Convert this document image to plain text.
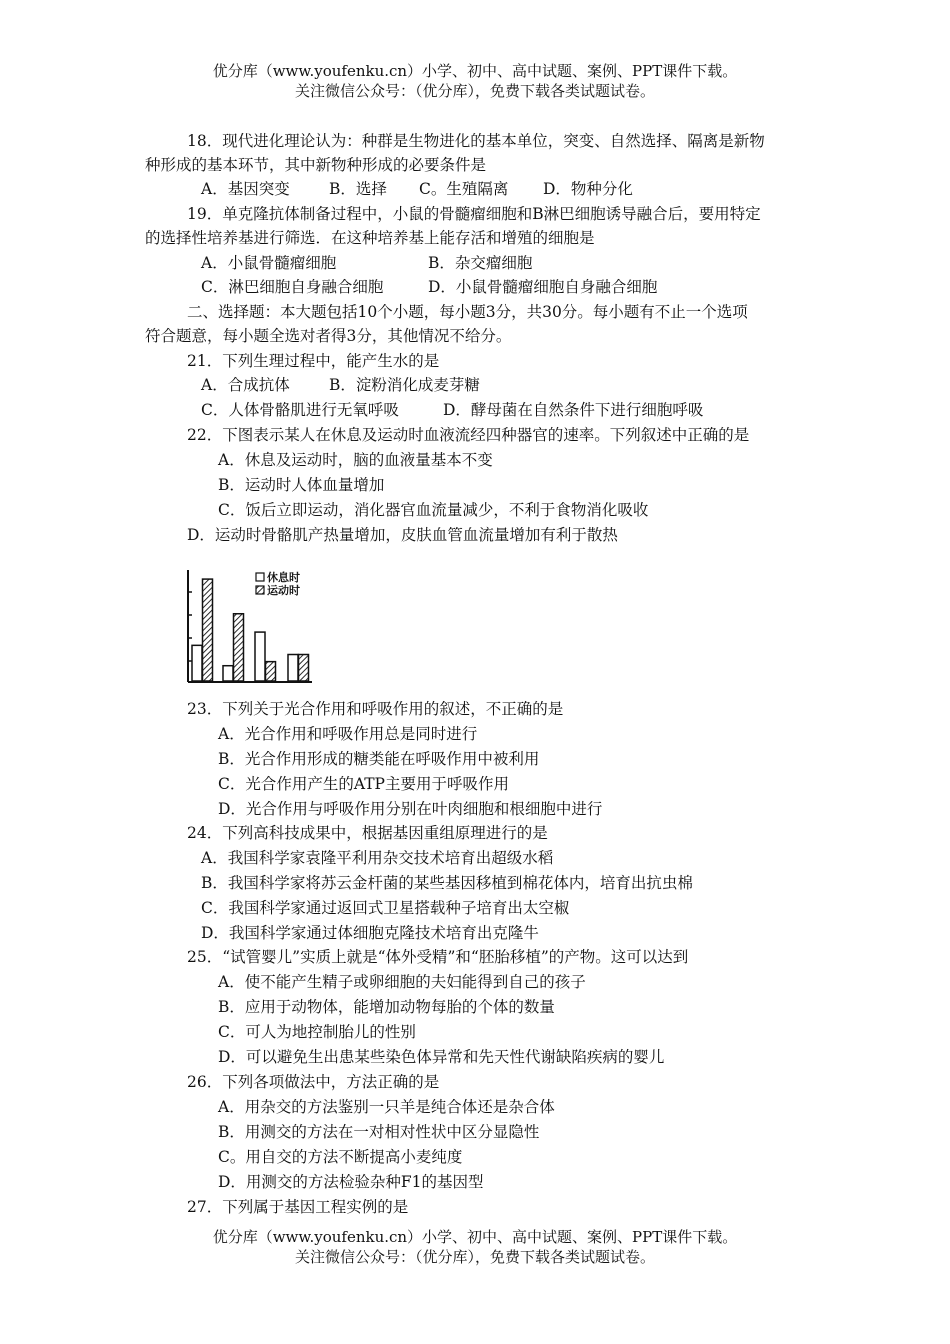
优分库（www.youfenku.cn）小学、初中、高中试题、案例、PPT课件下载。
关注微信公众号：（优分库），免费下载各类试题试卷。
18．现代进化理论认为：种群是生物进化的基本单位，突变、自然选择、隔离是新物
种形成的基本环节，其中新物种形成的必要条件是
A．基因突变	B．选择 C。生殖隔离 D．物种分化
19．单克隆抗体制备过程中，小鼠的骨髓瘤细胞和B淋巴细胞诱导融合后，要用特定
的选择性培养基进行筛选．在这种培养基上能存活和增殖的细胞是
A．小鼠骨髓瘤细胞	B．杂交瘤细胞
C．淋巴细胞自身融合细胞	D．小鼠骨髓瘤细胞自身融合细胞
二、选择题：本大题包括10个小题，每小题3分，共30分。每小题有不止一个选项
符合题意，每小题全选对者得3分，其他情况不给分。
21．下列生理过程中，能产生水的是
A．合成抗体	B．淀粉消化成麦芽糖
C．人体骨骼肌进行无氧呼吸	D．酵母菌在自然条件下进行细胞呼吸
22．下图表示某人在休息及运动时血液流经四种器官的速率。下列叙述中正确的是
A．休息及运动时，脑的血液量基本不变
B．运动时人体血量增加
C．饭后立即运动，消化器官血流量减少，不利于食物消化吸收
D．运动时骨骼肌产热量增加，皮肤血管血流量增加有利于散热
休息时
运动时
23．下列关于光合作用和呼吸作用的叙述，不正确的是
A．光合作用和呼吸作用总是同时进行
B．光合作用形成的糖类能在呼吸作用中被利用
C．光合作用产生的ATP主要用于呼吸作用
D．光合作用与呼吸作用分别在叶肉细胞和根细胞中进行
24．下列高科技成果中，根据基因重组原理进行的是
A．我国科学家袁隆平利用杂交技术培育出超级水稻
B．我国科学家将苏云金杆菌的某些基因移植到棉花体内，培育出抗虫棉
C．我国科学家通过返回式卫星搭载种子培育出太空椒
D．我国科学家通过体细胞克隆技术培育出克隆牛
25．“试管婴儿”实质上就是“体外受精”和“胚胎移植”的产物。这可以达到
A．使不能产生精子或卵细胞的夫妇能得到自己的孩子
B．应用于动物体，能增加动物每胎的个体的数量
C．可人为地控制胎儿的性别
D．可以避免生出患某些染色体异常和先天性代谢缺陷疾病的婴儿
26．下列各项做法中，方法正确的是
A．用杂交的方法鉴别一只羊是纯合体还是杂合体
B．用测交的方法在一对相对性状中区分显隐性
C。用自交的方法不断提高小麦纯度
D．用测交的方法检验杂种F1的基因型
27．下列属于基因工程实例的是
优分库（www.youfenku.cn）小学、初中、高中试题、案例、PPT课件下载。
关注微信公众号：（优分库），免费下载各类试题试卷。
